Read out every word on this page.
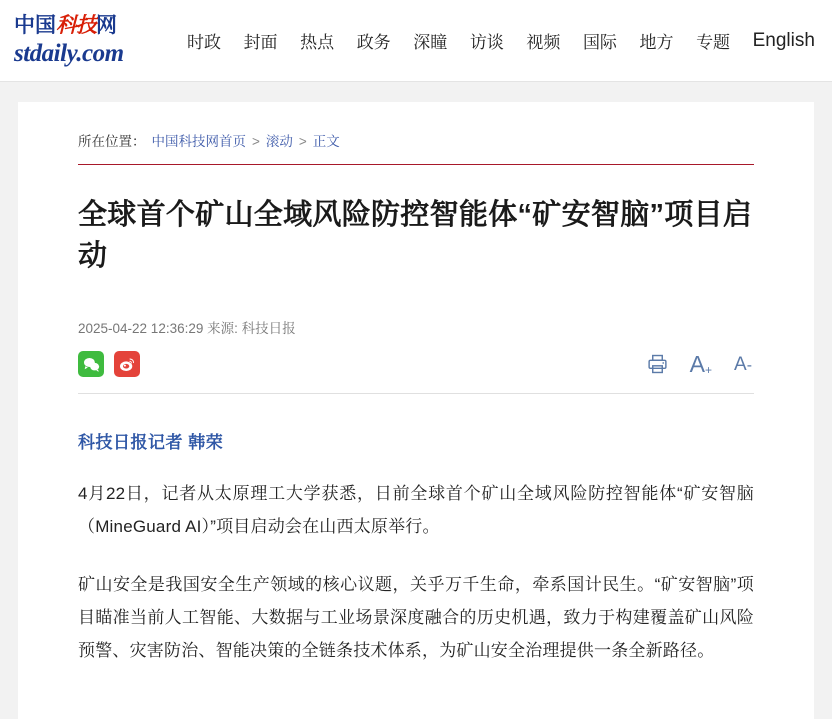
中国科技网
stdaily.com	时政 封面 热点 政务 深瞳 访谈 视频 国际 地方 专题 English
所在位置： 中国科技网首页 > 滚动 > 正文
全球首个矿山全域风险防控智能体“矿安智脑”项目启动
2025-04-22 12:36:29 来源: 科技日报
$A_+$ A -
科技日报记者 韩荣

4月22日，记者从太原理工大学获悉，日前全球首个矿山全域风险防控智能体“矿安智脑（MineGuard AI）”项目启动会在山西太原举行。

矿山安全是我国安全生产领域的核心议题，关乎万千生命，牵系国计民生。“矿安智脑”项目瞄准当前人工智能、大数据与工业场景深度融合的历史机遇，致力于构建覆盖矿山风险预警、灾害防治、智能决策的全链条技术体系，为矿山安全治理提供一条全新路径。
